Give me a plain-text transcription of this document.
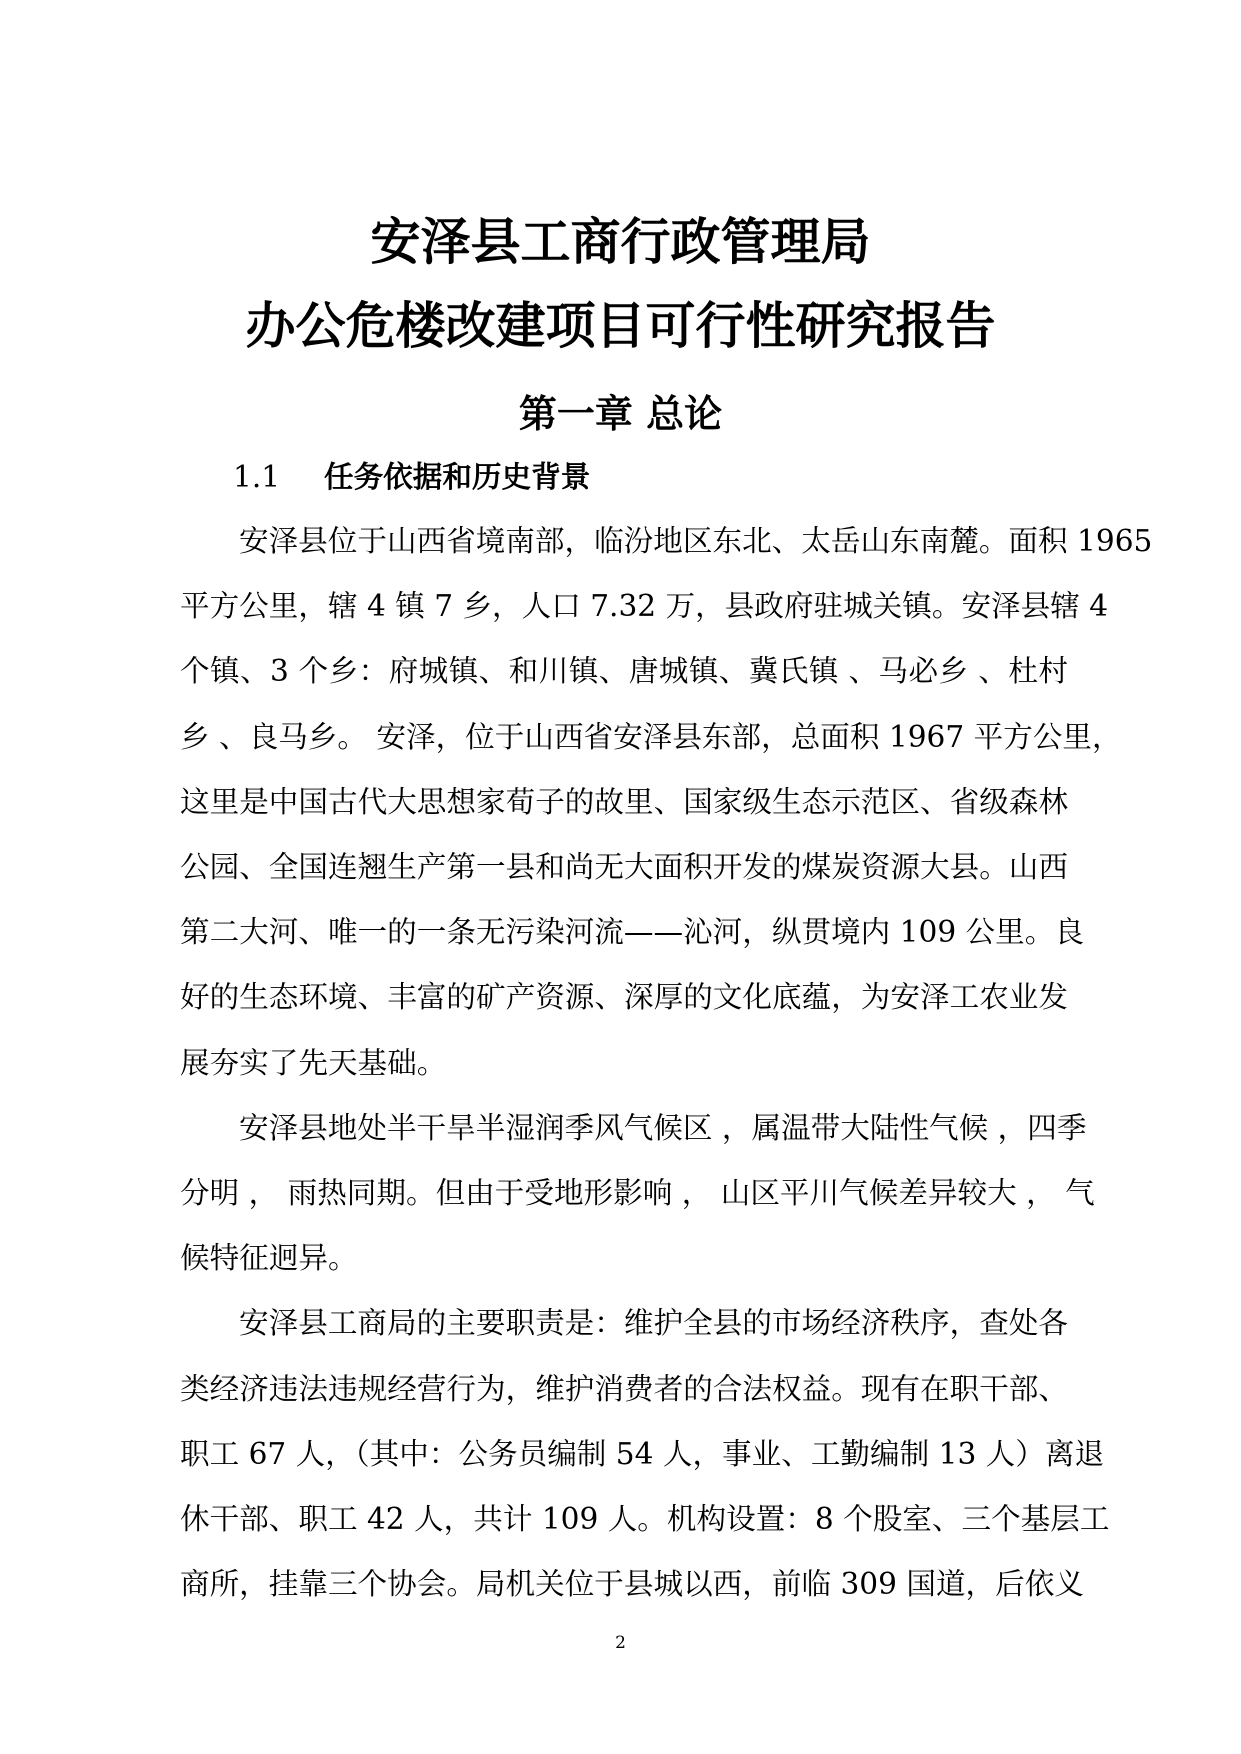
安泽县工商行政管理局
办公危楼改建项目可行性研究报告
第一章 总论
1.1 任务依据和历史背景
安泽县位于山西省境南部，临汾地区东北、太岳山东南麓。面积 1965
平方公里，辖 4 镇 7 乡，人口 7.32 万，县政府驻城关镇。安泽县辖 4
个镇、3 个乡：府城镇、和川镇、唐城镇、冀氏镇 、马必乡 、杜村
乡 、良马乡。 安泽，位于山西省安泽县东部，总面积 1967 平方公里，
这里是中国古代大思想家荀子的故里、国家级生态示范区、省级森林
公园、全国连翘生产第一县和尚无大面积开发的煤炭资源大县。山西
第二大河、唯一的一条无污染河流——沁河，纵贯境内 109 公里。良
好的生态环境、丰富的矿产资源、深厚的文化底蕴，为安泽工农业发
展夯实了先天基础。
安泽县地处半干旱半湿润季风气候区 ，属温带大陆性气候 ，四季
分明 ， 雨热同期。但由于受地形影响 ， 山区平川气候差异较大 ， 气
候特征迥异。
安泽县工商局的主要职责是：维护全县的市场经济秩序，查处各
类经济违法违规经营行为，维护消费者的合法权益。现有在职干部、
职工 67 人，（其中：公务员编制 54 人，事业、工勤编制 13 人）离退
休干部、职工 42 人，共计 109 人。机构设置：8 个股室、三个基层工
商所，挂靠三个协会。局机关位于县城以西，前临 309 国道，后依义
2
